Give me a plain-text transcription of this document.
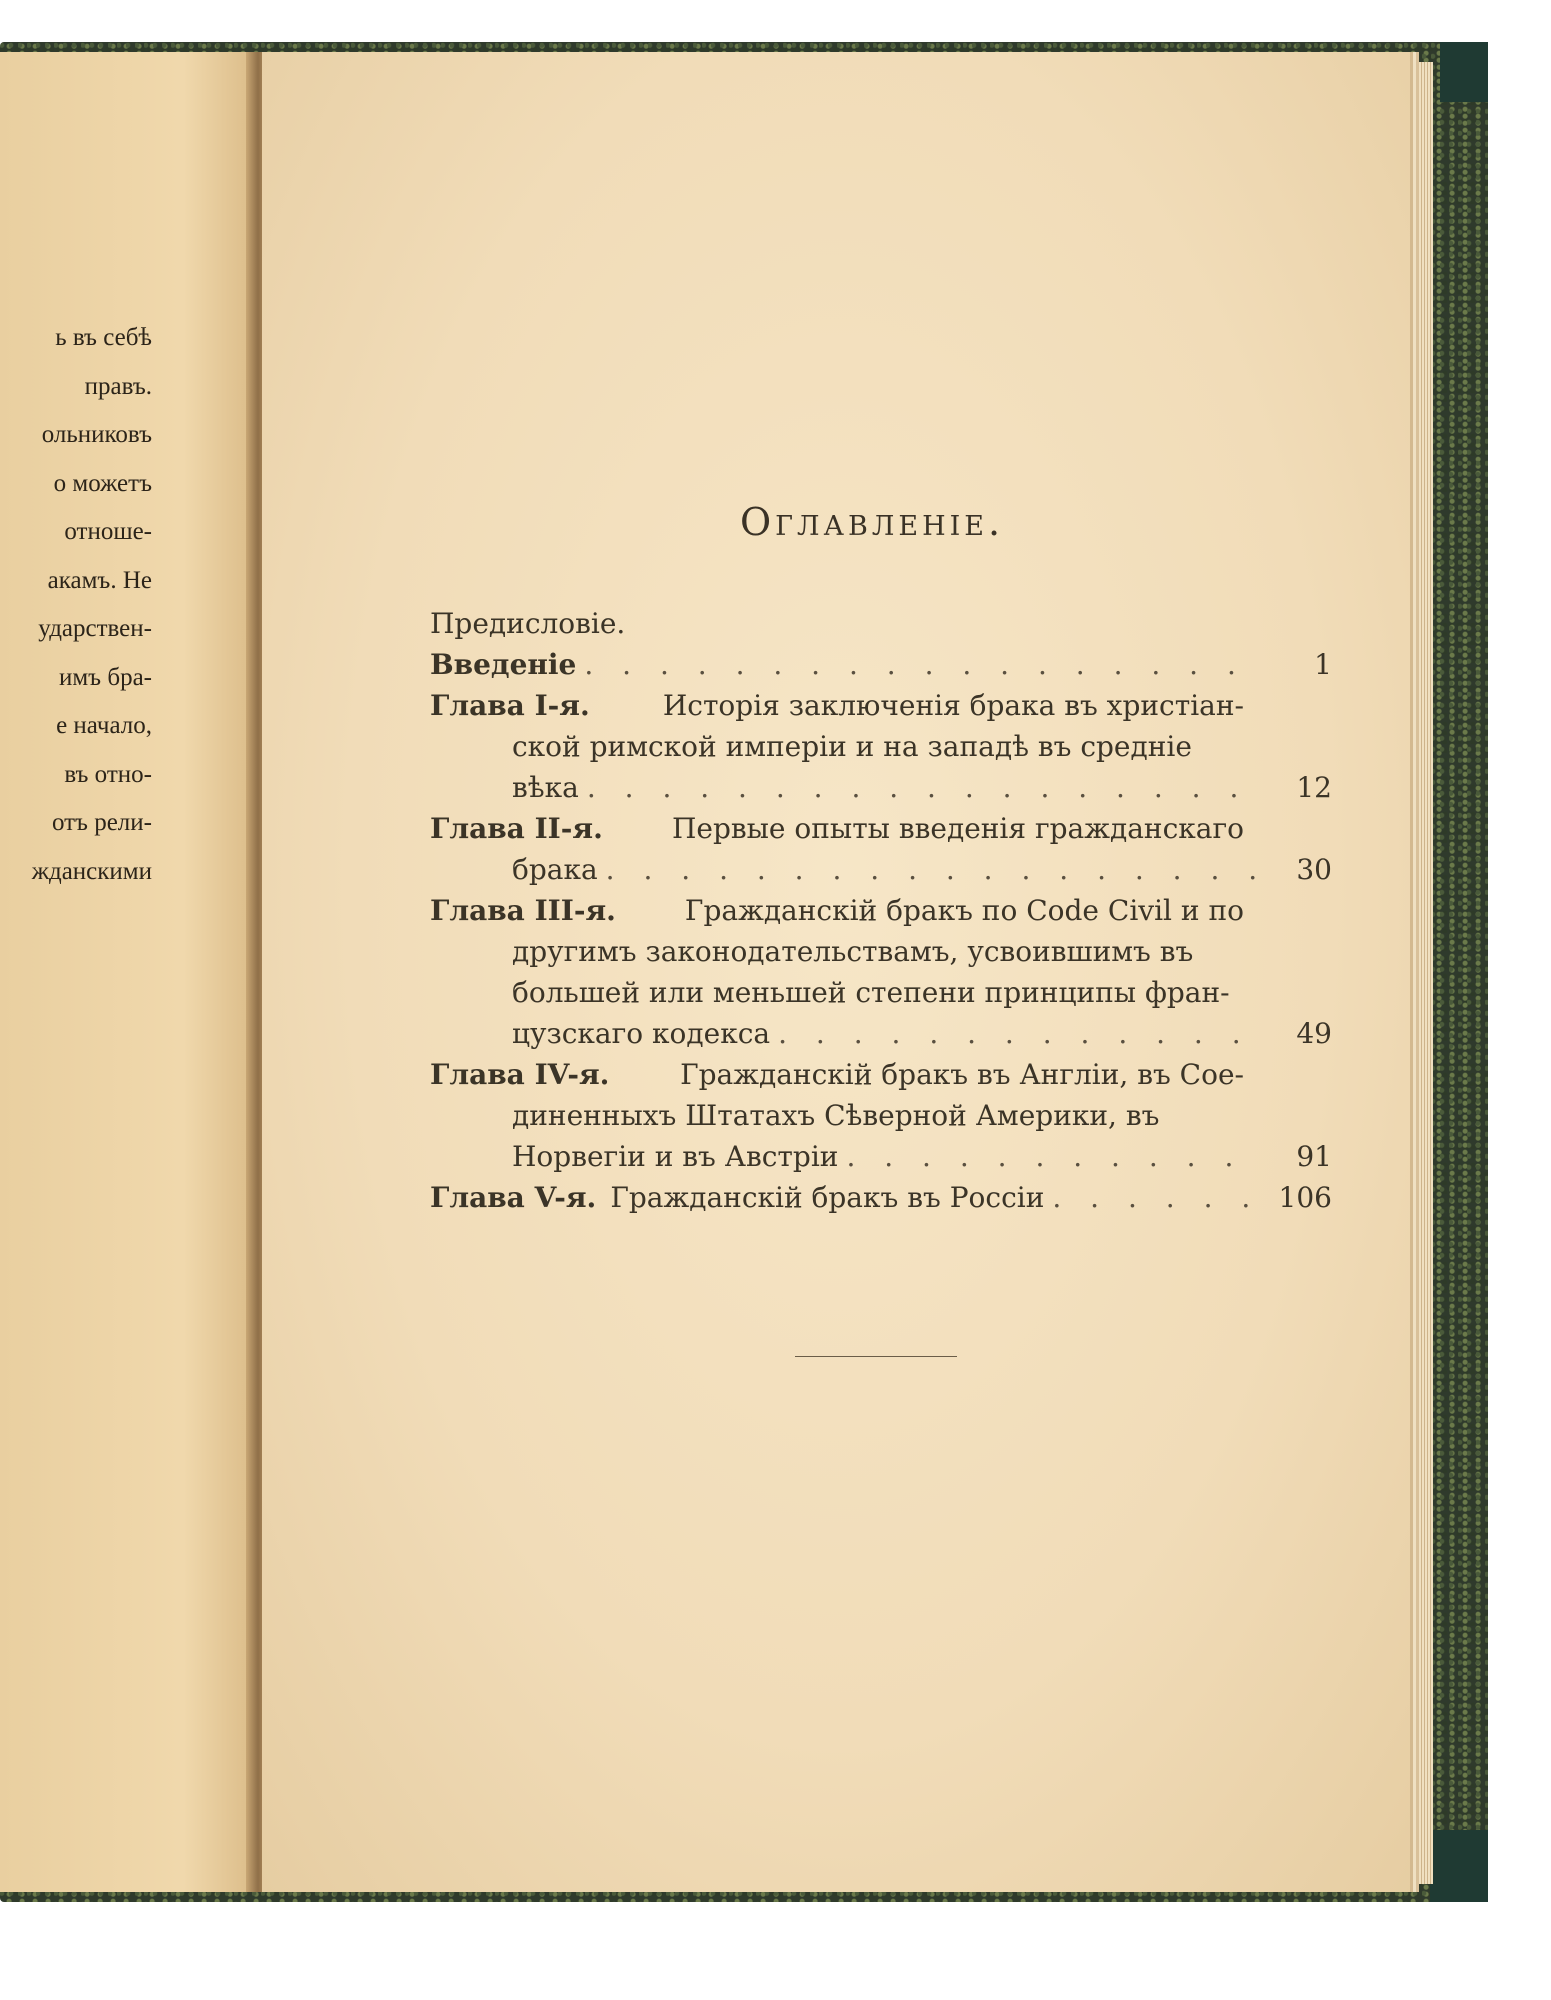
ь въ себѣ
правъ.
ольниковъ
о можетъ
отноше-
акамъ. Не
ударствен-
имъ бра-
е начало,
въ отно-
отъ рели-
жданскими
Оглавленіе.
Предисловіе.
Введеніе . . .	1
Глава I-я.	Исторія заключенія брака въ христіан-
ской римской имперіи и на западѣ въ средніе
вѣка . . .	12
Глава II-я. Первые опыты введенія гражданскаго
брака . . .	30
Глава III-я. Гражданскій бракъ по Code Civil и по
другимъ законодательствамъ, усвоившимъ въ
большей или меньшей степени принципы фран-
цузскаго кодекса . . .	49
Глава IV-я.	Гражданскій бракъ въ Англіи, въ Сое-
диненныхъ Штатахъ Сѣверной Америки, въ
Норвегіи и въ Австріи . . .	91
Глава V-я. Гражданскій бракъ въ Россіи . . .	106
